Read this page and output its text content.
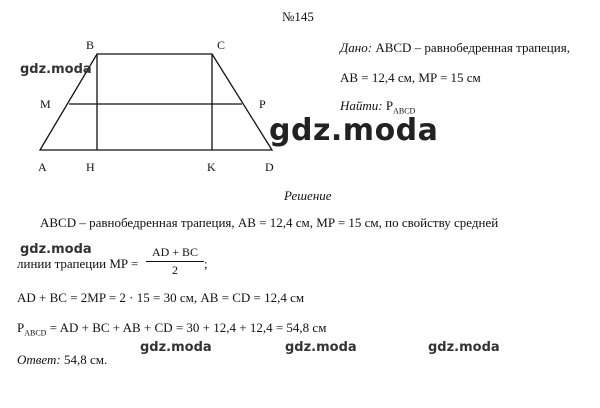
№145
B	C
M	P
A	H	K	D
gdz.moda
Дано: ABCD – равнобедренная трапеция,
AB = 12,4 см, MP = 15 см
Найти: $P_{ABCD}$
gdz.moda
Решение
ABCD – равнобедренная трапеция, AB = 12,4 см, MP = 15 см, по свойству средней
gdz.moda
линии трапеции MP = $\frac{AD + BC}{2}$ ;
AD + BC = 2MP = 2 · 15 = 30 см, AB = CD = 12,4 см
$P_{ABCD}$ = AD + BC + AB + CD = 30 + 12,4 + 12,4 = 54,8 см
gdz.moda	gdz.moda	gdz.moda
Ответ: 54,8 см.
